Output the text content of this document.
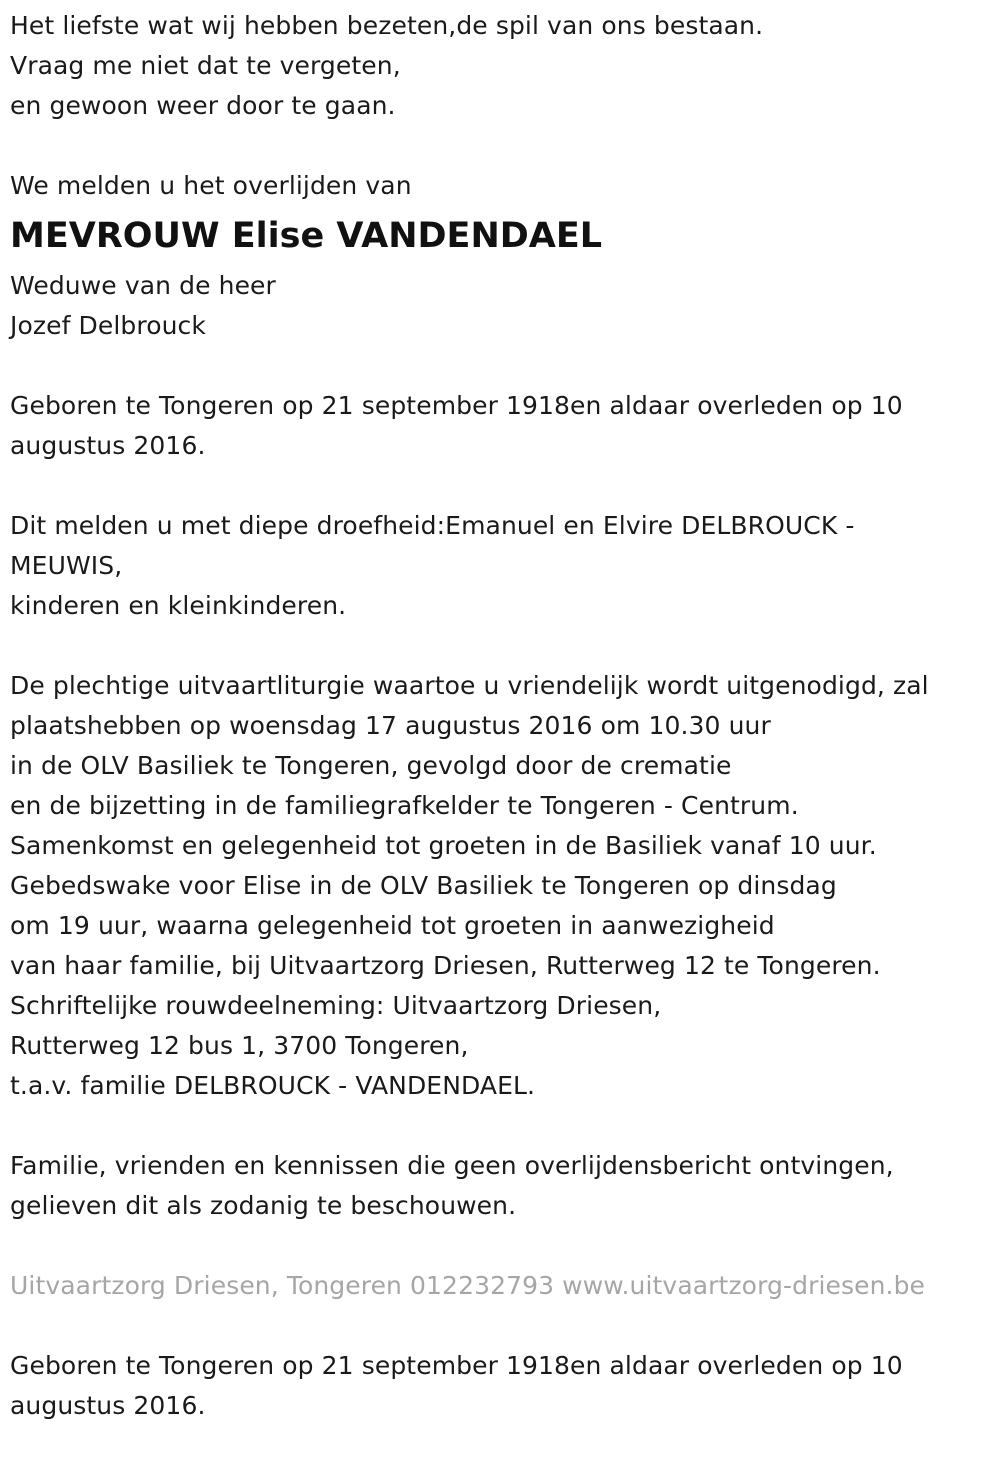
Het liefste wat wij hebben bezeten,de spil van ons bestaan.
Vraag me niet dat te vergeten,
en gewoon weer door te gaan.
We melden u het overlijden van
MEVROUW Elise VANDENDAEL
Weduwe van de heer
Jozef Delbrouck
Geboren te Tongeren op 21 september 1918en aldaar overleden op 10
augustus 2016.
Dit melden u met diepe droefheid:Emanuel en Elvire DELBROUCK -
MEUWIS,
kinderen en kleinkinderen.
De plechtige uitvaartliturgie waartoe u vriendelijk wordt uitgenodigd, zal
plaatshebben op woensdag 17 augustus 2016 om 10.30 uur
in de OLV Basiliek te Tongeren, gevolgd door de crematie
en de bijzetting in de familiegrafkelder te Tongeren - Centrum.
Samenkomst en gelegenheid tot groeten in de Basiliek vanaf 10 uur.
Gebedswake voor Elise in de OLV Basiliek te Tongeren op dinsdag
om 19 uur, waarna gelegenheid tot groeten in aanwezigheid
van haar familie, bij Uitvaartzorg Driesen, Rutterweg 12 te Tongeren.
Schriftelijke rouwdeelneming: Uitvaartzorg Driesen,
Rutterweg 12 bus 1, 3700 Tongeren,
t.a.v. familie DELBROUCK - VANDENDAEL.
Familie, vrienden en kennissen die geen overlijdensbericht ontvingen,
gelieven dit als zodanig te beschouwen.
Uitvaartzorg Driesen, Tongeren 012232793 www.uitvaartzorg-driesen.be
Geboren te Tongeren op 21 september 1918en aldaar overleden op 10
augustus 2016.
